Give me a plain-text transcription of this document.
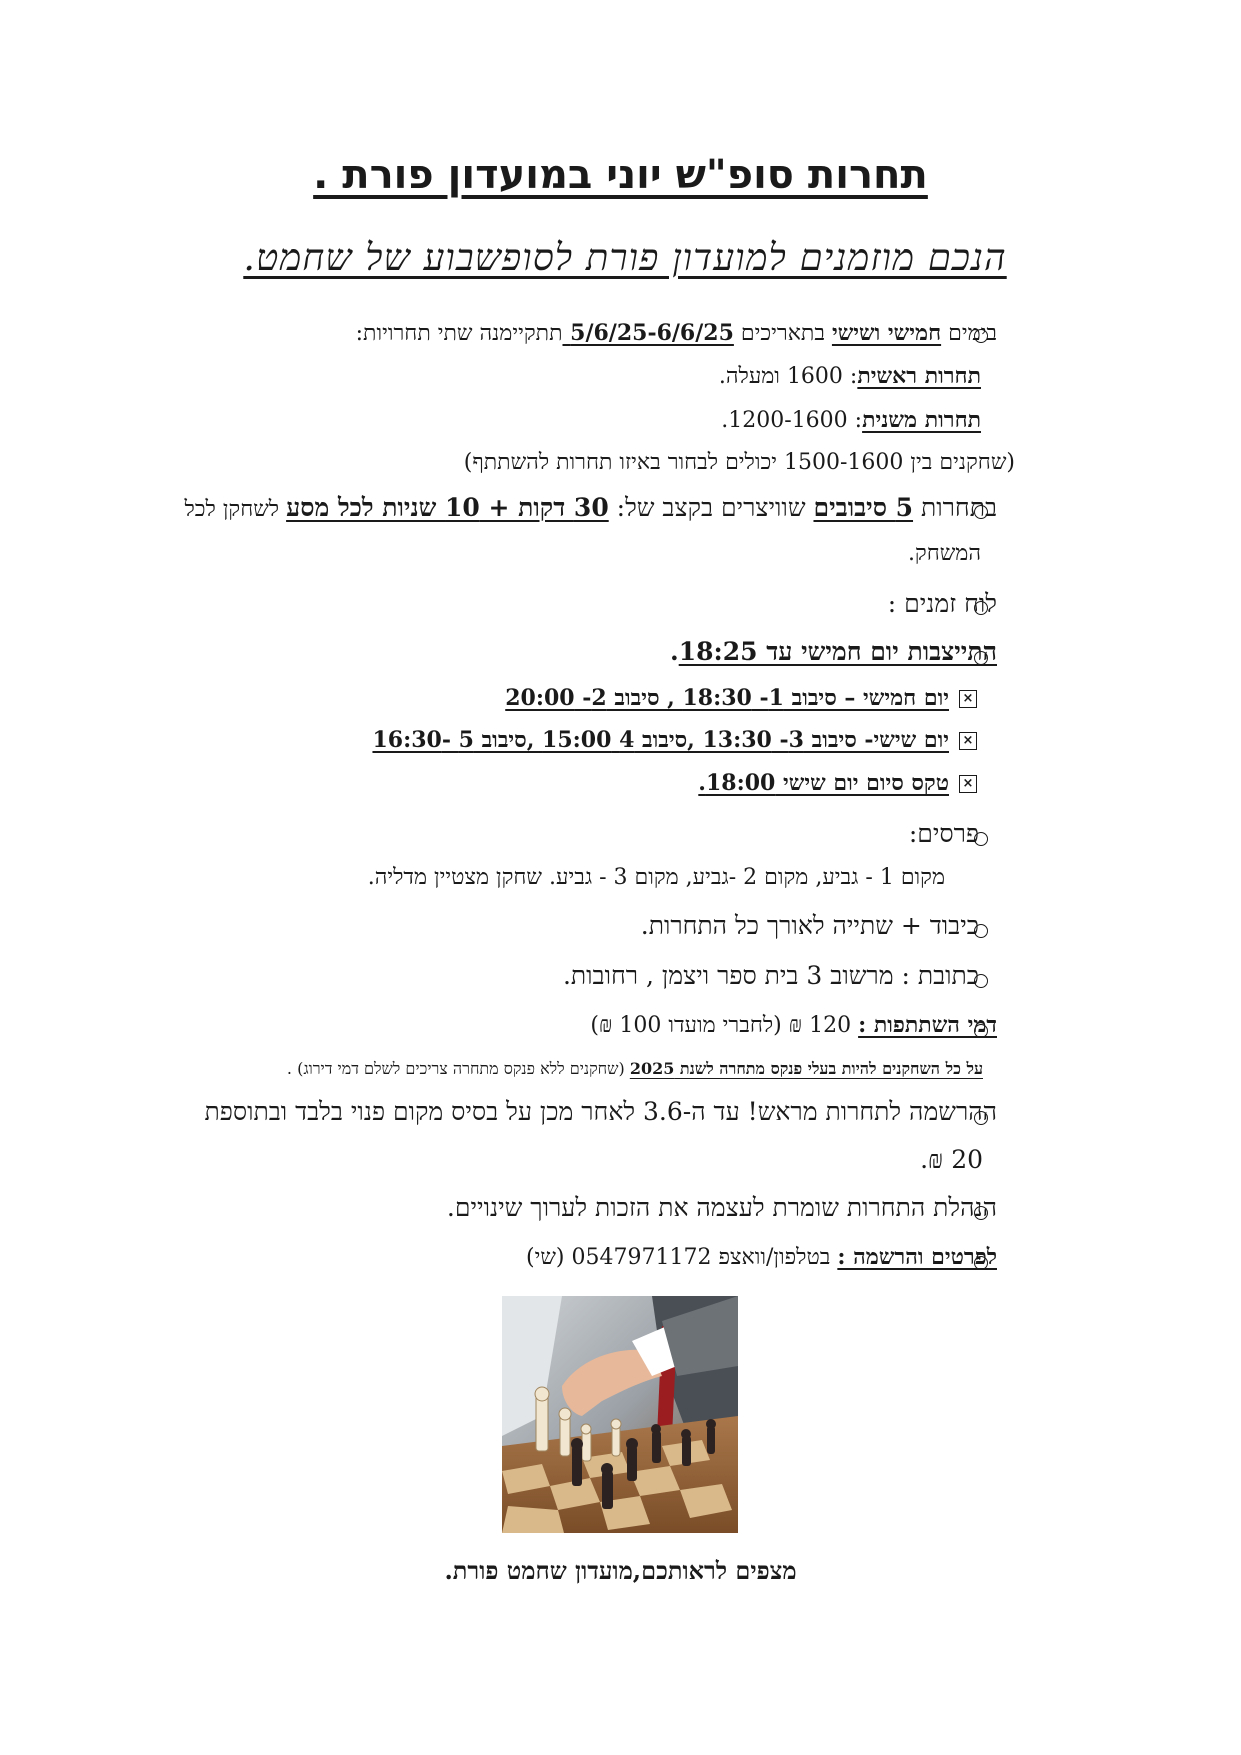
תחרות סופ"ש יוני במועדון פורת .
הנכם מוזמנים למועדון פורת לסופשבוע של שחמט.
בימים חמישי ושישי בתאריכים 5/6/25-6/6/25 תתקיימנה שתי תחרויות:
תחרות ראשית: 1600 ומעלה.
תחרות משנית: 1200-1600.
(שחקנים בין 1500-1600 יכולים לבחור באיזו תחרות להשתתף)
בתחרות 5 סיבובים שוויצרים בקצב של: 30 דקות + 10 שניות לכל מסע לשחקן לכל
המשחק.
לוח זמנים :
התייצבות יום חמישי עד 18:25.
×
יום חמישי – סיבוב 1- 18:30 , סיבוב 2- 20:00
×
יום שישי- סיבוב 3- 13:30 ,סיבוב 4 15:00 ,סיבוב 5 -16:30
×
טקס סיום יום שישי 18:00.
פרסים:
מקום 1 - גביע, מקום 2 -גביע, מקום 3 - גביע. שחקן מצטיין מדליה.
כיבוד + שתייה לאורך כל התחרות.
כתובת : מרשוב 3 בית ספר ויצמן , רחובות.
דמי השתתפות : 120 ₪ (לחברי מועדו 100 ₪)
על כל השחקנים להיות בעלי פנקס מתחרה לשנת 2025 (שחקנים ללא פנקס מתחרה צריכים לשלם דמי דירוג) .
ההרשמה לתחרות מראש! עד ה-3.6 לאחר מכן על בסיס מקום פנוי בלבד ובתוספת
20 ₪.
הנהלת התחרות שומרת לעצמה את הזכות לערוך שינויים.
לפרטים והרשמה : בטלפון/וואצפ 0547971172 (שי)
מצפים לראותכם,מועדון שחמט פורת.
